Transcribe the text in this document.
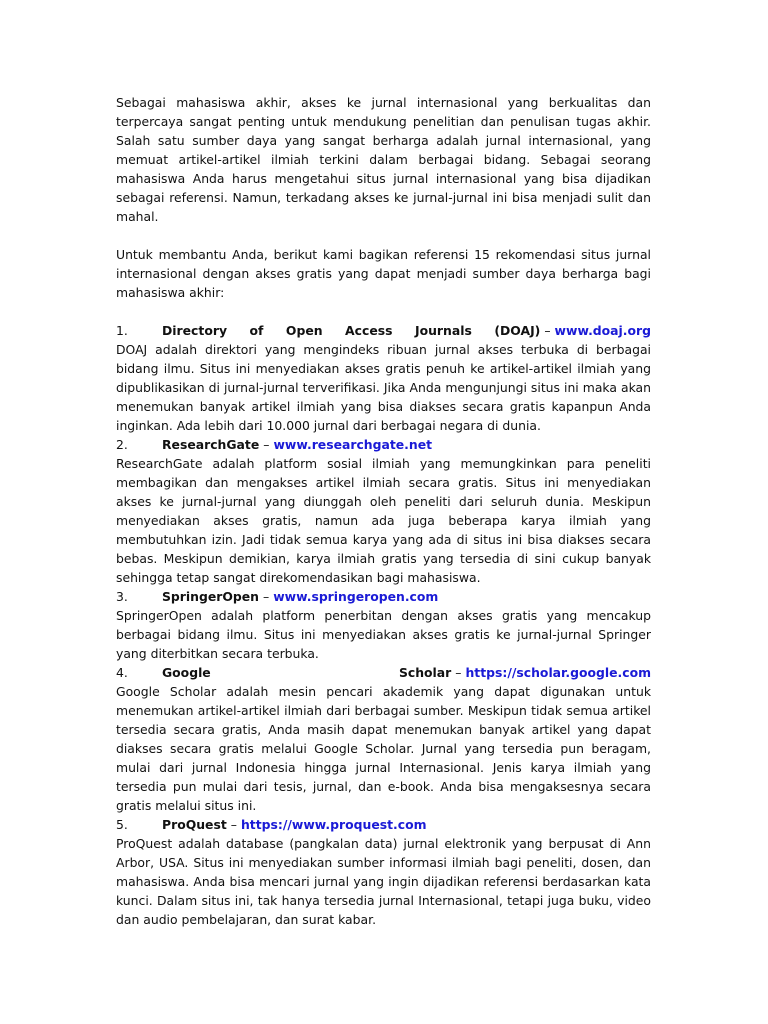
Sebagai mahasiswa akhir, akses ke jurnal internasional yang berkualitas dan terpercaya sangat penting untuk mendukung penelitian dan penulisan tugas akhir. Salah satu sumber daya yang sangat berharga adalah jurnal internasional, yang memuat artikel-artikel ilmiah terkini dalam berbagai bidang. Sebagai seorang mahasiswa Anda harus mengetahui situs jurnal internasional yang bisa dijadikan sebagai referensi. Namun, terkadang akses ke jurnal-jurnal ini bisa menjadi sulit dan mahal.

Untuk membantu Anda, berikut kami bagikan referensi 15 rekomendasi situs jurnal internasional dengan akses gratis yang dapat menjadi sumber daya berharga bagi mahasiswa akhir:

1.	Directory of Open Access Journals (DOAJ) – www.doaj.org

DOAJ adalah direktori yang mengindeks ribuan jurnal akses terbuka di berbagai bidang ilmu. Situs ini menyediakan akses gratis penuh ke artikel-artikel ilmiah yang dipublikasikan di jurnal-jurnal terverifikasi. Jika Anda mengunjungi situs ini maka akan menemukan banyak artikel ilmiah yang bisa diakses secara gratis kapanpun Anda inginkan. Ada lebih dari 10.000 jurnal dari berbagai negara di dunia.

2.	ResearchGate – www.researchgate.net

ResearchGate adalah platform sosial ilmiah yang memungkinkan para peneliti membagikan dan mengakses artikel ilmiah secara gratis. Situs ini menyediakan akses ke jurnal-jurnal yang diunggah oleh peneliti dari seluruh dunia. Meskipun menyediakan akses gratis, namun ada juga beberapa karya ilmiah yang membutuhkan izin. Jadi tidak semua karya yang ada di situs ini bisa diakses secara bebas. Meskipun demikian, karya ilmiah gratis yang tersedia di sini cukup banyak sehingga tetap sangat direkomendasikan bagi mahasiswa.

3.	SpringerOpen – www.springeropen.com

SpringerOpen adalah platform penerbitan dengan akses gratis yang mencakup berbagai bidang ilmu. Situs ini menyediakan akses gratis ke jurnal-jurnal Springer yang diterbitkan secara terbuka.

4.	Google	Scholar – https://scholar.google.com

Google Scholar adalah mesin pencari akademik yang dapat digunakan untuk menemukan artikel-artikel ilmiah dari berbagai sumber. Meskipun tidak semua artikel tersedia secara gratis, Anda masih dapat menemukan banyak artikel yang dapat diakses secara gratis melalui Google Scholar. Jurnal yang tersedia pun beragam, mulai dari jurnal Indonesia hingga jurnal Internasional. Jenis karya ilmiah yang tersedia pun mulai dari tesis, jurnal, dan e-book. Anda bisa mengaksesnya secara gratis melalui situs ini.

5.	ProQuest – https://www.proquest.com

ProQuest adalah database (pangkalan data) jurnal elektronik yang berpusat di Ann Arbor, USA. Situs ini menyediakan sumber informasi ilmiah bagi peneliti, dosen, dan mahasiswa. Anda bisa mencari jurnal yang ingin dijadikan referensi berdasarkan kata kunci. Dalam situs ini, tak hanya tersedia jurnal Internasional, tetapi juga buku, video dan audio pembelajaran, dan surat kabar.
